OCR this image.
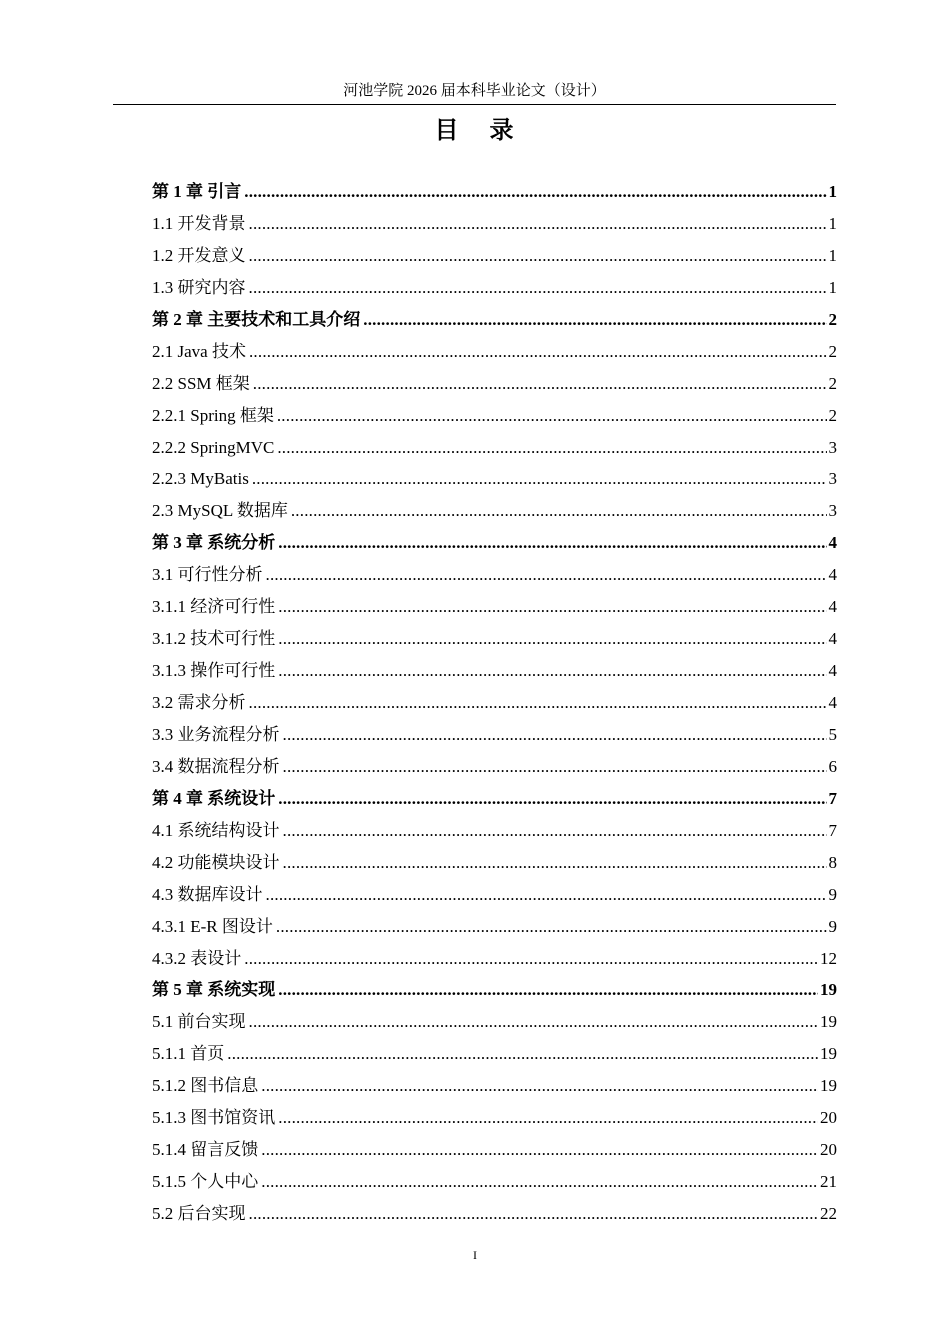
河池学院 2026 届本科毕业论文（设计）
目 录
第 1 章 引言 .....	1
1.1 开发背景 .....	1
1.2 开发意义 .....	1
1.3 研究内容 .....	1
第 2 章 主要技术和工具介绍 .....	2
2.1 Java 技术 .....	2
2.2 SSM 框架 .....	2
2.2.1 Spring 框架 .....	2
2.2.2 SpringMVC .....	3
2.2.3 MyBatis .....	3
2.3 MySQL 数据库 .....	3
第 3 章 系统分析 .....	4
3.1 可行性分析 .....	4
3.1.1 经济可行性 .....	4
3.1.2 技术可行性 .....	4
3.1.3 操作可行性 .....	4
3.2 需求分析 .....	4
3.3 业务流程分析 .....	5
3.4 数据流程分析 .....	6
第 4 章 系统设计 .....	7
4.1 系统结构设计 .....	7
4.2 功能模块设计 .....	8
4.3 数据库设计 .....	9
4.3.1 E-R 图设计 .....	9
4.3.2 表设计 .....	12
第 5 章 系统实现 .....	19
5.1 前台实现 .....	19
5.1.1 首页 .....	19
5.1.2 图书信息 .....	19
5.1.3 图书馆资讯 .....	20
5.1.4 留言反馈 .....	20
5.1.5 个人中心 .....	21
5.2 后台实现 .....	22
I
